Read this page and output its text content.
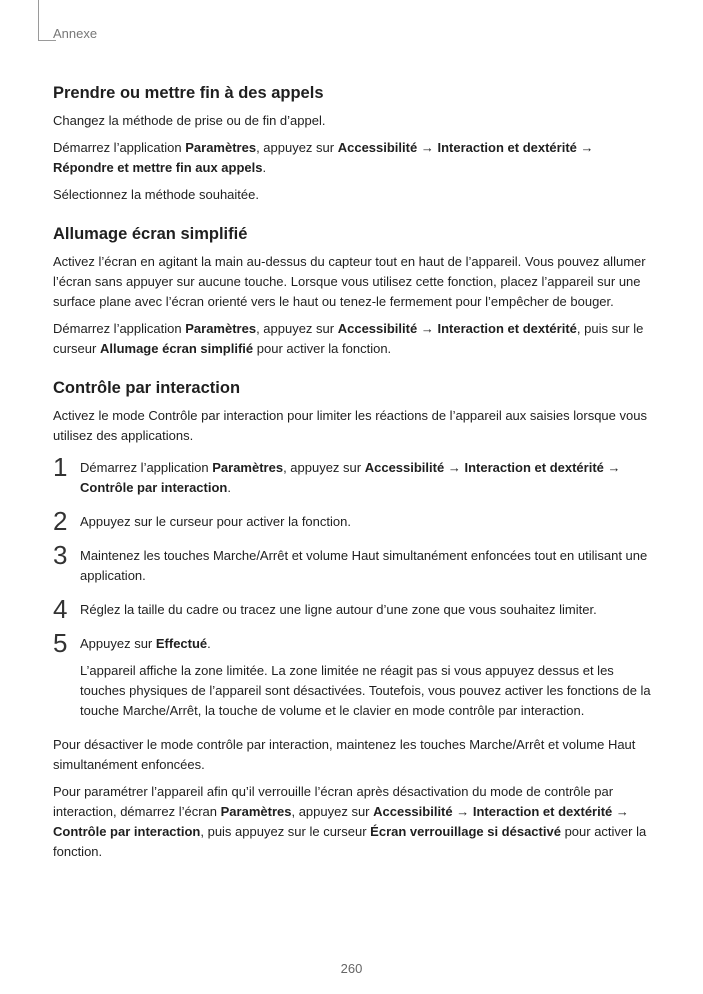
Annexe
Prendre ou mettre fin à des appels

Changez la méthode de prise ou de fin d’appel.

Démarrez l’application Paramètres, appuyez sur Accessibilité → Interaction et dextérité → Répondre et mettre fin aux appels.

Sélectionnez la méthode souhaitée.

Allumage écran simplifié

Activez l’écran en agitant la main au-dessus du capteur tout en haut de l’appareil. Vous pouvez allumer l’écran sans appuyer sur aucune touche. Lorsque vous utilisez cette fonction, placez l’appareil sur une surface plane avec l’écran orienté vers le haut ou tenez-le fermement pour l’empêcher de bouger.

Démarrez l’application Paramètres, appuyez sur Accessibilité → Interaction et dextérité, puis sur le curseur Allumage écran simplifié pour activer la fonction.

Contrôle par interaction

Activez le mode Contrôle par interaction pour limiter les réactions de l’appareil aux saisies lorsque vous utilisez des applications.

1 Démarrez l’application Paramètres, appuyez sur Accessibilité → Interaction et dextérité → Contrôle par interaction.

2 Appuyez sur le curseur pour activer la fonction.

3 Maintenez les touches Marche/Arrêt et volume Haut simultanément enfoncées tout en utilisant une application.

4 Réglez la taille du cadre ou tracez une ligne autour d’une zone que vous souhaitez limiter.

5 Appuyez sur Effectué.

L’appareil affiche la zone limitée. La zone limitée ne réagit pas si vous appuyez dessus et les touches physiques de l’appareil sont désactivées. Toutefois, vous pouvez activer les fonctions de la touche Marche/Arrêt, la touche de volume et le clavier en mode contrôle par interaction.

Pour désactiver le mode contrôle par interaction, maintenez les touches Marche/Arrêt et volume Haut simultanément enfoncées.

Pour paramétrer l’appareil afin qu’il verrouille l’écran après désactivation du mode de contrôle par interaction, démarrez l’écran Paramètres, appuyez sur Accessibilité → Interaction et dextérité → Contrôle par interaction, puis appuyez sur le curseur Écran verrouillage si désactivé pour activer la fonction.

260
